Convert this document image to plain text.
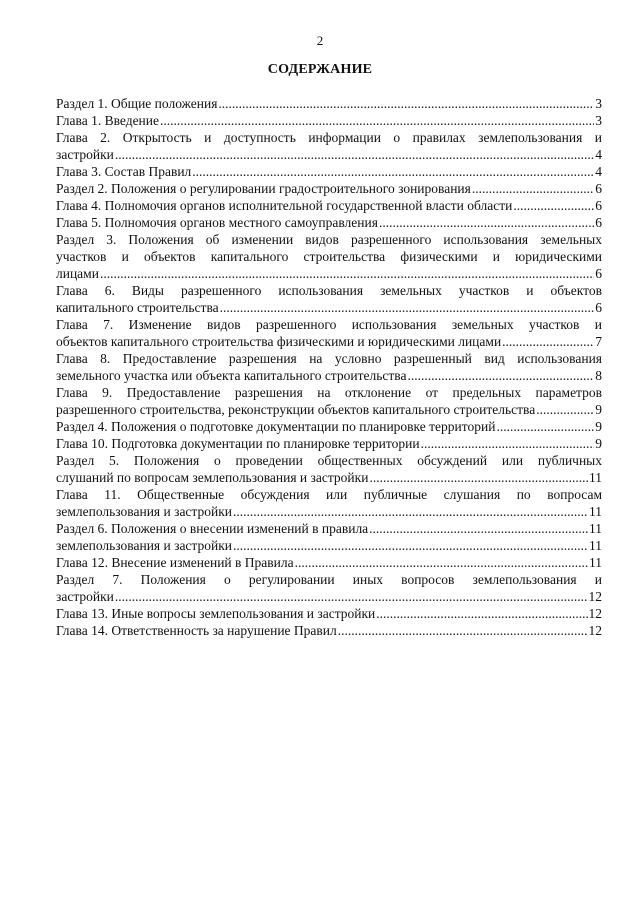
2
СОДЕРЖАНИЕ
Раздел 1. Общие положения .....	3
Глава 1. Введение .....	3
Глава 2. Открытость и доступность информации о правилах землепользования и
застройки .....	4
Глава 3. Состав Правил .....	4
Раздел 2. Положения о регулировании градостроительного зонирования .....	6
Глава 4. Полномочия органов исполнительной государственной власти области .....	6
Глава 5. Полномочия органов местного самоуправления .....	6
Раздел 3. Положения об изменении видов разрешенного использования земельных
участков и объектов капитального строительства физическими и юридическими
лицами .....	6
Глава 6. Виды разрешенного использования земельных участков и объектов
капитального строительства .....	6
Глава 7. Изменение видов разрешенного использования земельных участков и
объектов капитального строительства физическими и юридическими лицами .....	7
Глава 8. Предоставление разрешения на условно разрешенный вид использования
земельного участка или объекта капитального строительства .....	8
Глава 9. Предоставление разрешения на отклонение от предельных параметров
разрешенного строительства, реконструкции объектов капитального строительства .....	9
Раздел 4. Положения о подготовке документации по планировке территорий .....	9
Глава 10. Подготовка документации по планировке территории .....	9
Раздел 5. Положения о проведении общественных обсуждений или публичных
слушаний по вопросам землепользования и застройки .....	11
Глава 11. Общественные обсуждения или публичные слушания по вопросам
землепользования и застройки .....	11
Раздел 6. Положения о внесении изменений в правила .....	11
землепользования и застройки .....	11
Глава 12. Внесение изменений в Правила .....	11
Раздел 7. Положения о регулировании иных вопросов землепользования и
застройки .....	12
Глава 13. Иные вопросы землепользования и застройки .....	12
Глава 14. Ответственность за нарушение Правил .....	12
